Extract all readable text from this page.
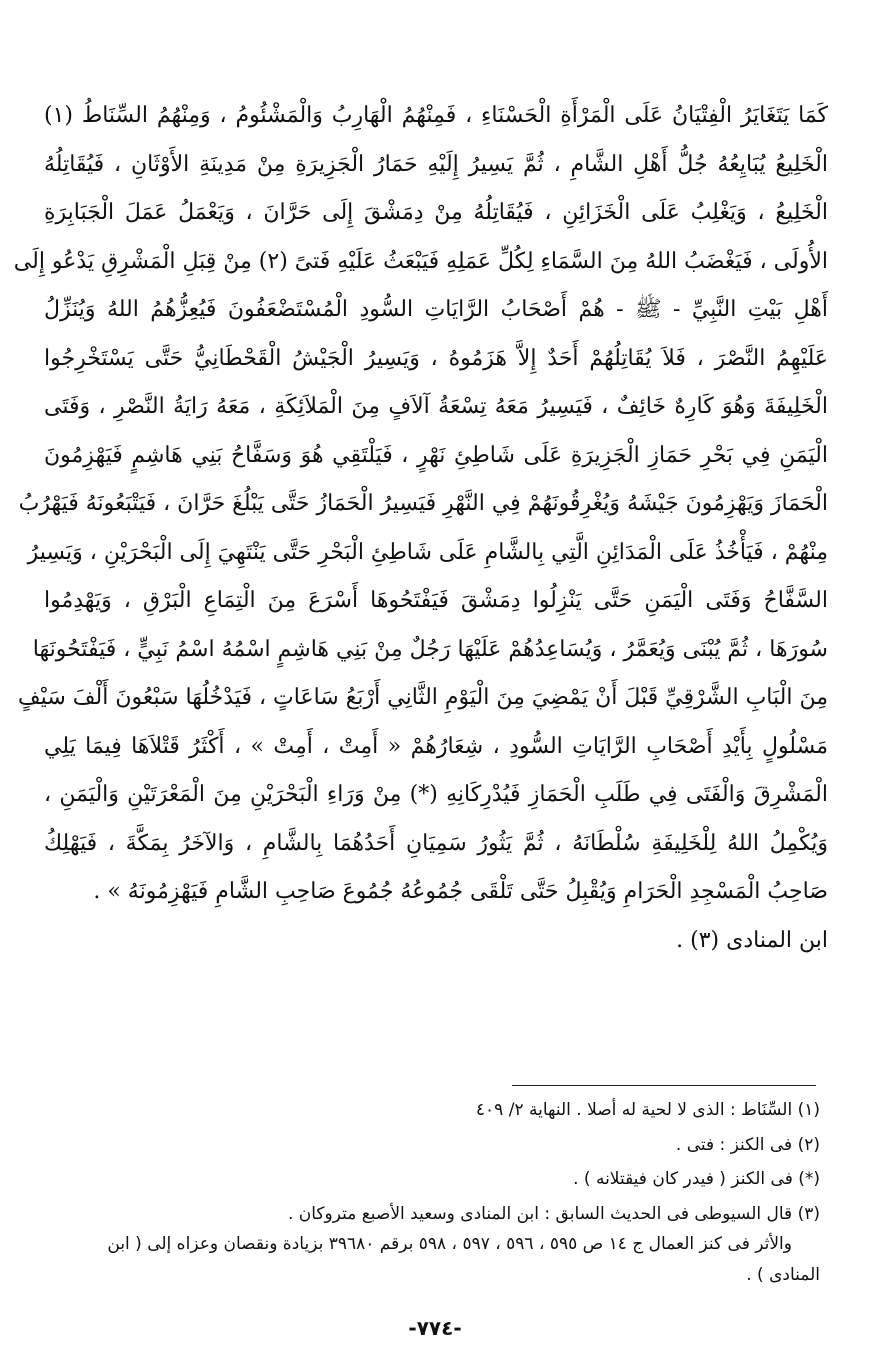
كَمَا يَتَغَايَرُ الْفِتْيَانُ عَلَى الْمَرْأَةِ الْحَسْنَاءِ ، فَمِنْهُمُ الْهَارِبُ وَالْمَشْئُومُ ، وَمِنْهُمُ السِّنَاطُ (١)
الْخَلِيعُ يُبَايِعُهُ جُلُّ أَهْلِ الشَّامِ ، ثُمَّ يَسِيرُ إِلَيْهِ حَمَارُ الْجَزِيرَةِ مِنْ مَدِينَةِ الأَوْثَانِ ، فَيُقَاتِلُهُ
الْخَلِيعُ ، وَيَغْلِبُ عَلَى الْخَزَائِنِ ، فَيُقَاتِلُهُ مِنْ دِمَشْقَ إِلَى حَرَّانَ ، وَيَعْمَلُ عَمَلَ الْجَبَابِرَةِ
الأُولَى ، فَيَغْضَبُ اللهُ مِنَ السَّمَاءِ لِكُلِّ عَمَلِهِ فَيَبْعَثُ عَلَيْهِ فَتىً (٢) مِنْ قِبَلِ الْمَشْرِقِ يَدْعُو إِلَى
أَهْلِ بَيْتِ النَّبِيِّ - ﷺ - هُمْ أَصْحَابُ الرَّايَاتِ السُّودِ الْمُسْتَضْعَفُونَ فَيُعِزُّهُمُ اللهُ وَيُنَزِّلُ
عَلَيْهِمُ النَّصْرَ ، فَلاَ يُقَاتِلُهُمْ أَحَدٌ إِلاَّ هَزَمُوهُ ، وَيَسِيرُ الْجَيْشُ الْقَحْطَانِيُّ حَتَّى يَسْتَخْرِجُوا
الْخَلِيفَةَ وَهُوَ كَارِهٌ خَائِفٌ ، فَيَسِيرُ مَعَهُ تِسْعَةُ آلاَفٍ مِنَ الْمَلاَئِكَةِ ، مَعَهُ رَايَةُ النَّصْرِ ، وَفَتَى
الْيَمَنِ فِي بَحْرِ حَمَازِ الْجَزِيرَةِ عَلَى شَاطِئِ نَهْرٍ ، فَيَلْتَقِي هُوَ وَسَفَّاحُ بَنِي هَاشِمٍ فَيَهْزِمُونَ
الْحَمَازَ وَيَهْزِمُونَ جَيْشَهُ وَيُغْرِقُونَهُمْ فِي النَّهْرِ فَيَسِيرُ الْحَمَازُ حَتَّى يَبْلُغَ حَرَّانَ ، فَيَتْبَعُونَهُ فَيَهْرُبُ
مِنْهُمْ ، فَيَأْخُذُ عَلَى الْمَدَائِنِ الَّتِي بِالشَّامِ عَلَى شَاطِئِ الْبَحْرِ حَتَّى يَنْتَهِيَ إِلَى الْبَحْرَيْنِ ، وَيَسِيرُ
السَّفَّاحُ وَفَتَى الْيَمَنِ حَتَّى يَنْزِلُوا دِمَشْقَ فَيَفْتَحُوهَا أَسْرَعَ مِنَ الْتِمَاعِ الْبَرْقِ ، وَيَهْدِمُوا
سُورَهَا ، ثُمَّ يُبْنَى وَيُعَمَّرُ ، وَيُسَاعِدُهُمْ عَلَيْهَا رَجُلٌ مِنْ بَنِي هَاشِمٍ اسْمُهُ اسْمُ نَبِيٍّ ، فَيَفْتَحُونَهَا
مِنَ الْبَابِ الشَّرْقِيِّ قَبْلَ أَنْ يَمْضِيَ مِنَ الْيَوْمِ الثَّانِي أَرْبَعُ سَاعَاتٍ ، فَيَدْخُلُهَا سَبْعُونَ أَلْفَ سَيْفٍ
مَسْلُولٍ بِأَيْدِ أَصْحَابِ الرَّايَاتِ السُّودِ ، شِعَارُهُمْ « أَمِتْ ، أَمِتْ » ، أَكْثَرُ قَتْلاَهَا فِيمَا يَلِي
الْمَشْرِقَ وَالْفَتَى فِي طَلَبِ الْحَمَازِ فَيُدْرِكَانِهِ (*) مِنْ وَرَاءِ الْبَحْرَيْنِ مِنَ الْمَعْرَتَيْنِ وَالْيَمَنِ ،
وَيُكْمِلُ اللهُ لِلْخَلِيفَةِ سُلْطَانَهُ ، ثُمَّ يَثُورُ سَمِيَانِ أَحَدُهُمَا بِالشَّامِ ، وَالآخَرُ بِمَكَّةَ ، فَيَهْلِكُ
صَاحِبُ الْمَسْجِدِ الْحَرَامِ وَيُقْبِلُ حَتَّى تَلْقَى جُمُوعُهُ جُمُوعَ صَاحِبِ الشَّامِ فَيَهْزِمُونَهُ » .
ابن المنادى (٣) .
(١) السِّنَاط : الذى لا لحية له أصلا . النهاية ٢/ ٤٠٩
(٢) فى الكنز : فتى .
(*) فى الكنز ( فيدر كان فيقتلانه ) .
(٣) قال السيوطى فى الحديث السابق : ابن المنادى وسعيد الأصبع متروكان .
والأثر فى كنز العمال ج ١٤ ص ٥٩٥ ، ٥٩٦ ، ٥٩٧ ، ٥٩٨ برقم ٣٩٦٨٠ بزيادة ونقصان وعزاه إلى ( ابن
المنادى ) .
-٧٧٤-
